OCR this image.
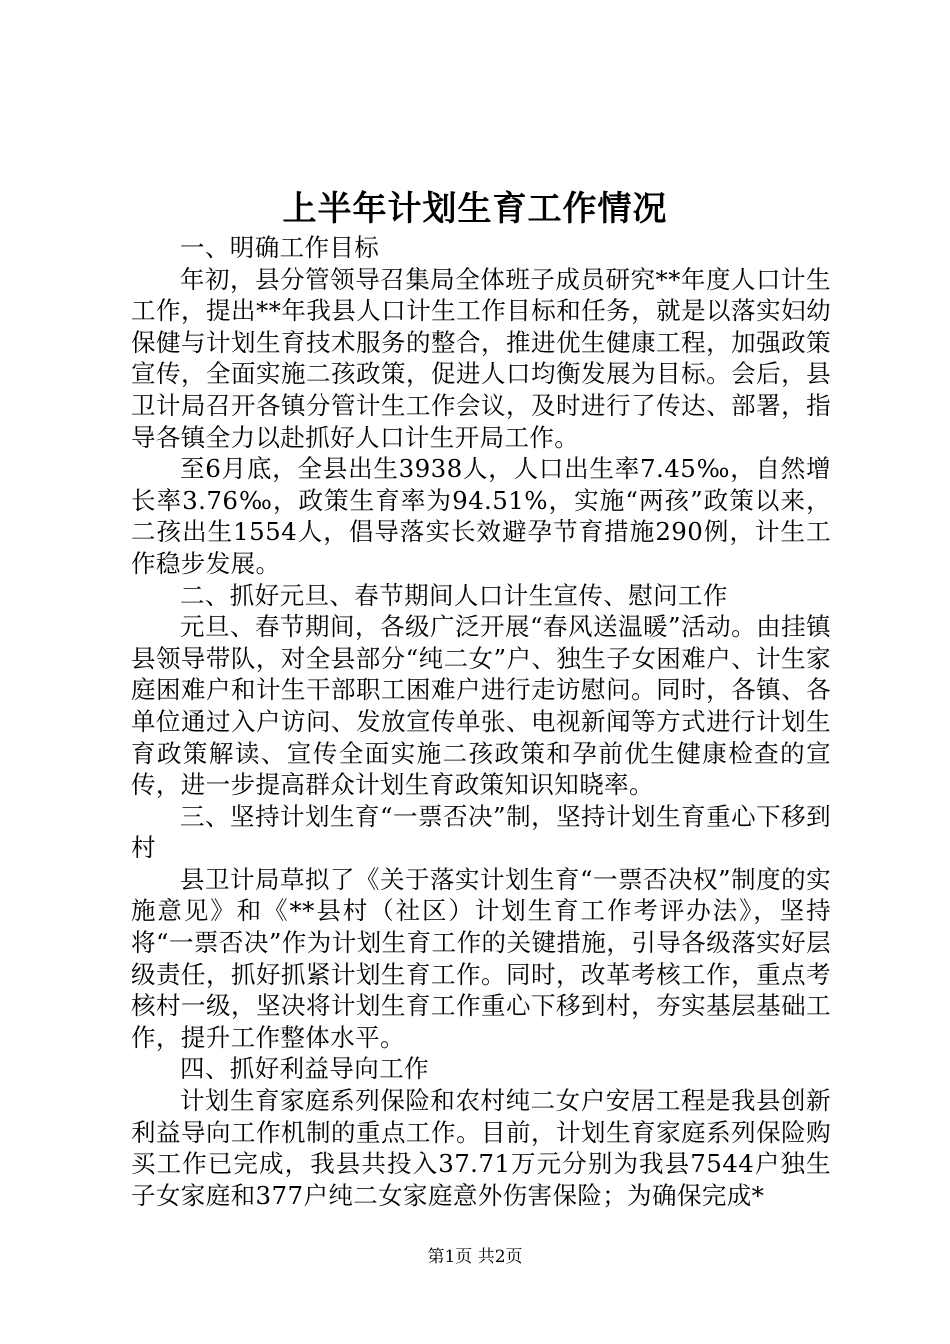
上半年计划生育工作情况

一、明确工作目标

年初，县分管领导召集局全体班子成员研究**年度人口计生工作，提出**年我县人口计生工作目标和任务，就是以落实妇幼保健与计划生育技术服务的整合，推进优生健康工程，加强政策宣传，全面实施二孩政策，促进人口均衡发展为目标。会后，县卫计局召开各镇分管计生工作会议，及时进行了传达、部署，指导各镇全力以赴抓好人口计生开局工作。

至6月底，全县出生3938人，人口出生率7.45‰，自然增长率3.76‰，政策生育率为94.51%，实施“两孩”政策以来，二孩出生1554人，倡导落实长效避孕节育措施290例，计生工作稳步发展。

二、抓好元旦、春节期间人口计生宣传、慰问工作

元旦、春节期间，各级广泛开展“春风送温暖”活动。由挂镇县领导带队，对全县部分“纯二女”户、独生子女困难户、计生家庭困难户和计生干部职工困难户进行走访慰问。同时，各镇、各单位通过入户访问、发放宣传单张、电视新闻等方式进行计划生育政策解读、宣传全面实施二孩政策和孕前优生健康检查的宣传，进一步提高群众计划生育政策知识知晓率。

三、坚持计划生育“一票否决”制，坚持计划生育重心下移到村

县卫计局草拟了《关于落实计划生育“一票否决权”制度的实施意见》和《**县村（社区）计划生育工作考评办法》，坚持将“一票否决”作为计划生育工作的关键措施，引导各级落实好层级责任，抓好抓紧计划生育工作。同时，改革考核工作，重点考核村一级，坚决将计划生育工作重心下移到村，夯实基层基础工作，提升工作整体水平。

四、抓好利益导向工作

计划生育家庭系列保险和农村纯二女户安居工程是我县创新利益导向工作机制的重点工作。目前，计划生育家庭系列保险购买工作已完成，我县共投入37.71万元分别为我县7544户独生子女家庭和377户纯二女家庭意外伤害保险；为确保完成*

第1页 共2页
